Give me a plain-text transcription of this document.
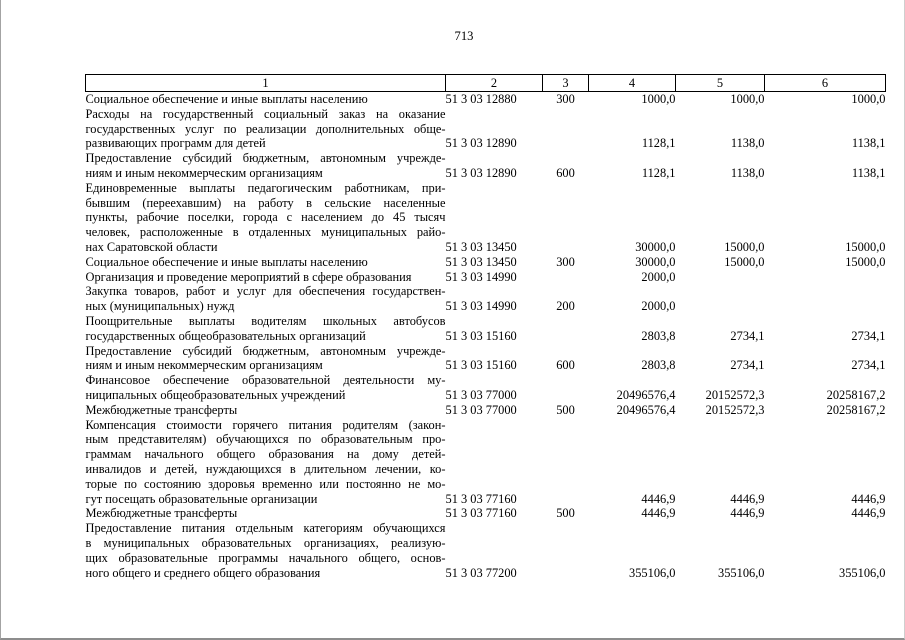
713
1	2	3	4	5	6

Социальное обеспечение и иные выплаты населению	51 3 03 12880	300	1000,0	1000,0	1000,0

Расходы на государственный социальный заказ на оказание
государственных услуг по реализации дополнительных обще-
развивающих программ для детей	51 3 03 12890		1128,1	1138,0	1138,1

Предоставление субсидий бюджетным, автономным учрежде-
ниям и иным некоммерческим организациям	51 3 03 12890	600	1128,1	1138,0	1138,1

Единовременные выплаты педагогическим работникам, при-
бывшим (переехавшим) на работу в сельские населенные
пункты, рабочие поселки, города с населением до 45 тысяч
человек, расположенные в отдаленных муниципальных райо-
нах Саратовской области	51 3 03 13450		30000,0	15000,0	15000,0

Социальное обеспечение и иные выплаты населению	51 3 03 13450	300	30000,0	15000,0	15000,0

Организация и проведение мероприятий в сфере образования	51 3 03 14990		2000,0		

Закупка товаров, работ и услуг для обеспечения государствен-
ных (муниципальных) нужд	51 3 03 14990	200	2000,0		

Поощрительные выплаты водителям школьных автобусов
государственных общеобразовательных организаций	51 3 03 15160		2803,8	2734,1	2734,1

Предоставление субсидий бюджетным, автономным учрежде-
ниям и иным некоммерческим организациям	51 3 03 15160	600	2803,8	2734,1	2734,1

Финансовое обеспечение образовательной деятельности му-
ниципальных общеобразовательных учреждений	51 3 03 77000		20496576,4	20152572,3	20258167,2

Межбюджетные трансферты	51 3 03 77000	500	20496576,4	20152572,3	20258167,2

Компенсация стоимости горячего питания родителям (закон-
ным представителям) обучающихся по образовательным про-
граммам начального общего образования на дому детей-
инвалидов и детей, нуждающихся в длительном лечении, ко-
торые по состоянию здоровья временно или постоянно не мо-
гут посещать образовательные организации	51 3 03 77160		4446,9	4446,9	4446,9

Межбюджетные трансферты	51 3 03 77160	500	4446,9	4446,9	4446,9

Предоставление питания отдельным категориям обучающихся
в муниципальных образовательных организациях, реализую-
щих образовательные программы начального общего, основ-
ного общего и среднего общего образования	51 3 03 77200		355106,0	355106,0	355106,0
